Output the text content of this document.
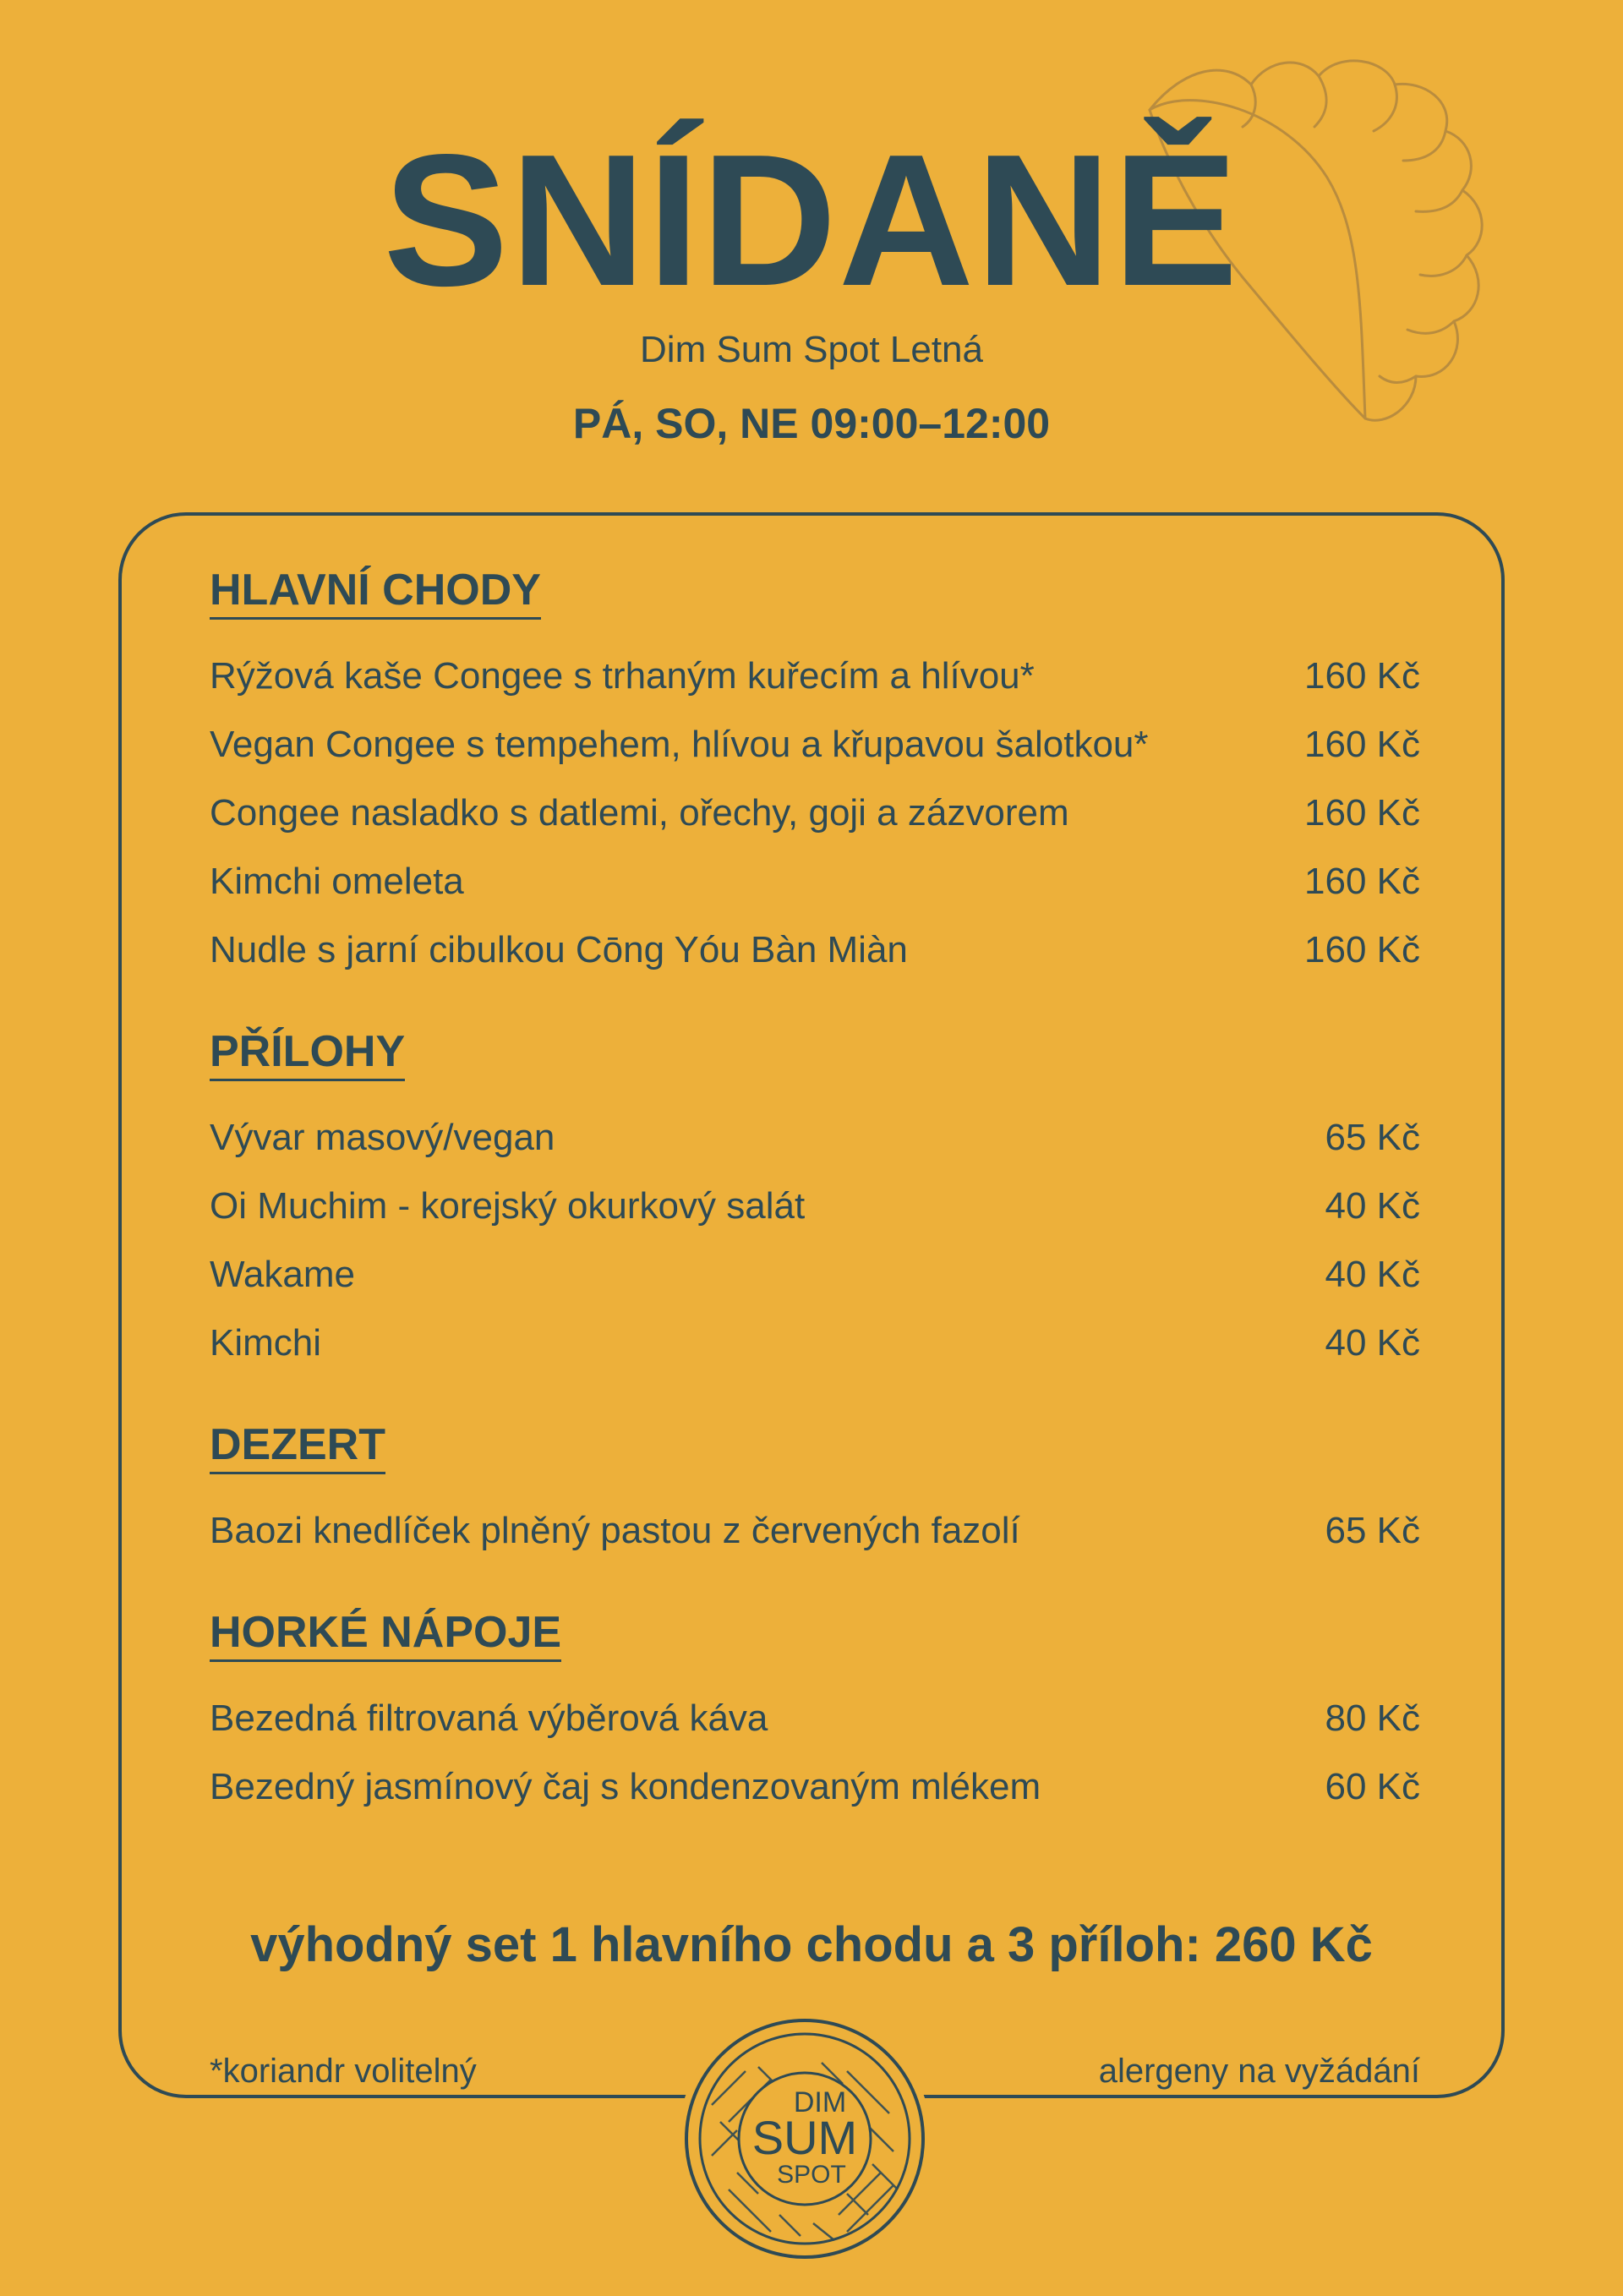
SNÍDANĚ
Dim Sum Spot Letná
PÁ, SO, NE 09:00–12:00
HLAVNÍ CHODY
Rýžová kaše Congee s trhaným kuřecím a hlívou*	160 Kč
Vegan Congee s tempehem, hlívou a křupavou šalotkou*	160 Kč
Congee nasladko s datlemi, ořechy, goji a zázvorem	160 Kč
Kimchi omeleta	160 Kč
Nudle s jarní cibulkou Cōng Yóu Bàn Miàn	160 Kč
PŘÍLOHY
Vývar masový/vegan	65 Kč
Oi Muchim - korejský okurkový salát	40 Kč
Wakame	40 Kč
Kimchi	40 Kč
DEZERT
Baozi knedlíček plněný pastou z červených fazolí	65 Kč
HORKÉ NÁPOJE
Bezedná filtrovaná výběrová káva	80 Kč
Bezedný jasmínový čaj s kondenzovaným mlékem	60 Kč
výhodný set 1 hlavního chodu a 3 příloh: 260 Kč
*koriandr volitelný	alergeny na vyžádání
DIM
SUM
SPOT
